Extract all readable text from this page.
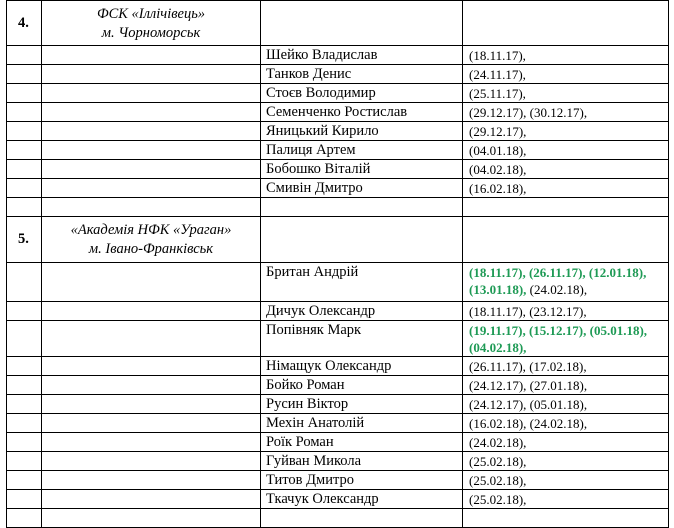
4.	ФСК «Іллічівець»
м. Чорноморськ		

		Шейко Владислав	(18.11.17),
		Танков Денис	(24.11.17),
		Стоєв Володимир	(25.11.17),
		Семенченко Ростислав	(29.12.17), (30.12.17),
		Яницький Кирило	(29.12.17),
		Палиця Артем	(04.01.18),
		Бобошко Віталій	(04.02.18),
		Смивін Дмитро	(16.02.18),

5.	«Академія НФК «Ураган»
м. Івано-Франківськ		

		Британ Андрій	(18.11.17), (26.11.17), (12.01.18), (13.01.18), (24.02.18),
		Дичук Олександр	(18.11.17), (23.12.17),
		Попівняк Марк	(19.11.17), (15.12.17), (05.01.18), (04.02.18),
		Німащук Олександр	(26.11.17), (17.02.18),
		Бойко Роман	(24.12.17), (27.01.18),
		Русин Віктор	(24.12.17), (05.01.18),
		Мехін Анатолій	(16.02.18), (24.02.18),
		Роїк Роман	(24.02.18),
		Гуйван Микола	(25.02.18),
		Титов Дмитро	(25.02.18),
		Ткачук Олександр	(25.02.18),
